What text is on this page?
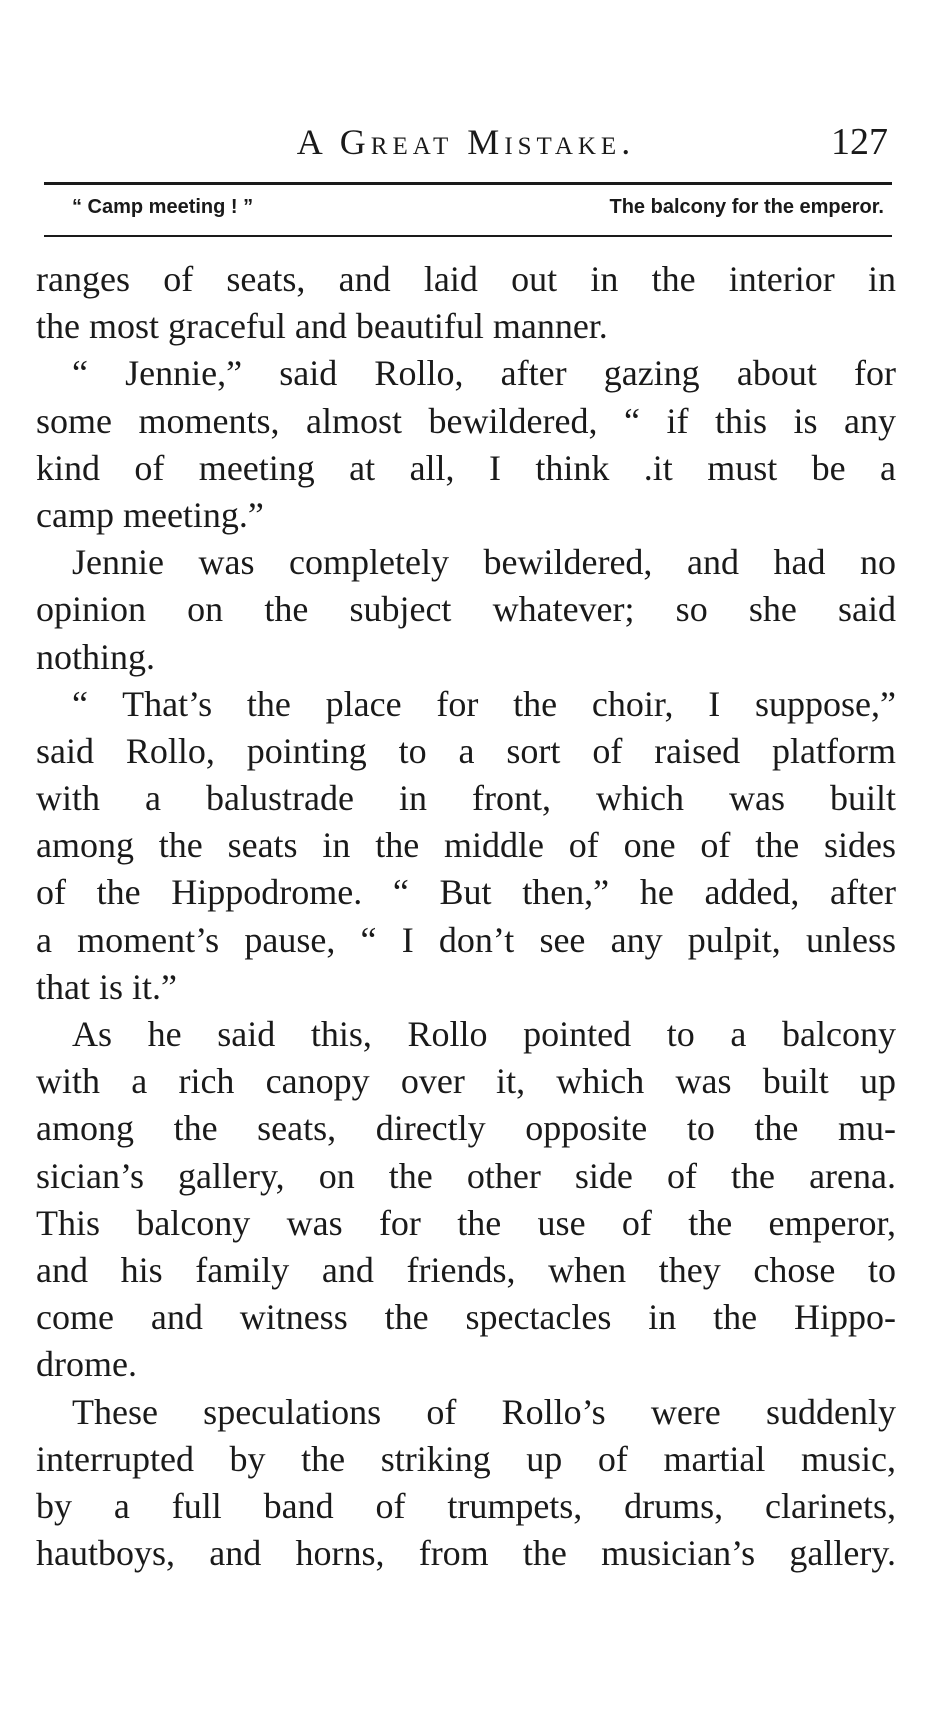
A Great Mistake.	127
“ Camp meeting ! ”	The balcony for the emperor.
ranges of seats, and laid out in the interior in
the most graceful and beautiful manner.
“ Jennie,” said Rollo, after gazing about for
some moments, almost bewildered, “ if this is any
kind of meeting at all, I think .it must be a
camp meeting.”
Jennie was completely bewildered, and had no
opinion on the subject whatever; so she said
nothing.
“ That’s the place for the choir, I suppose,”
said Rollo, pointing to a sort of raised platform
with a balustrade in front, which was built
among the seats in the middle of one of the sides
of the Hippodrome. “ But then,” he added, after
a moment’s pause, “ I don’t see any pulpit, unless
that is it.”
As he said this, Rollo pointed to a balcony
with a rich canopy over it, which was built up
among the seats, directly opposite to the mu-
sician’s gallery, on the other side of the arena.
This balcony was for the use of the emperor,
and his family and friends, when they chose to
come and witness the spectacles in the Hippo-
drome.
These speculations of Rollo’s were suddenly
interrupted by the striking up of martial music,
by a full band of trumpets, drums, clarinets,
hautboys, and horns, from the musician’s gallery.
